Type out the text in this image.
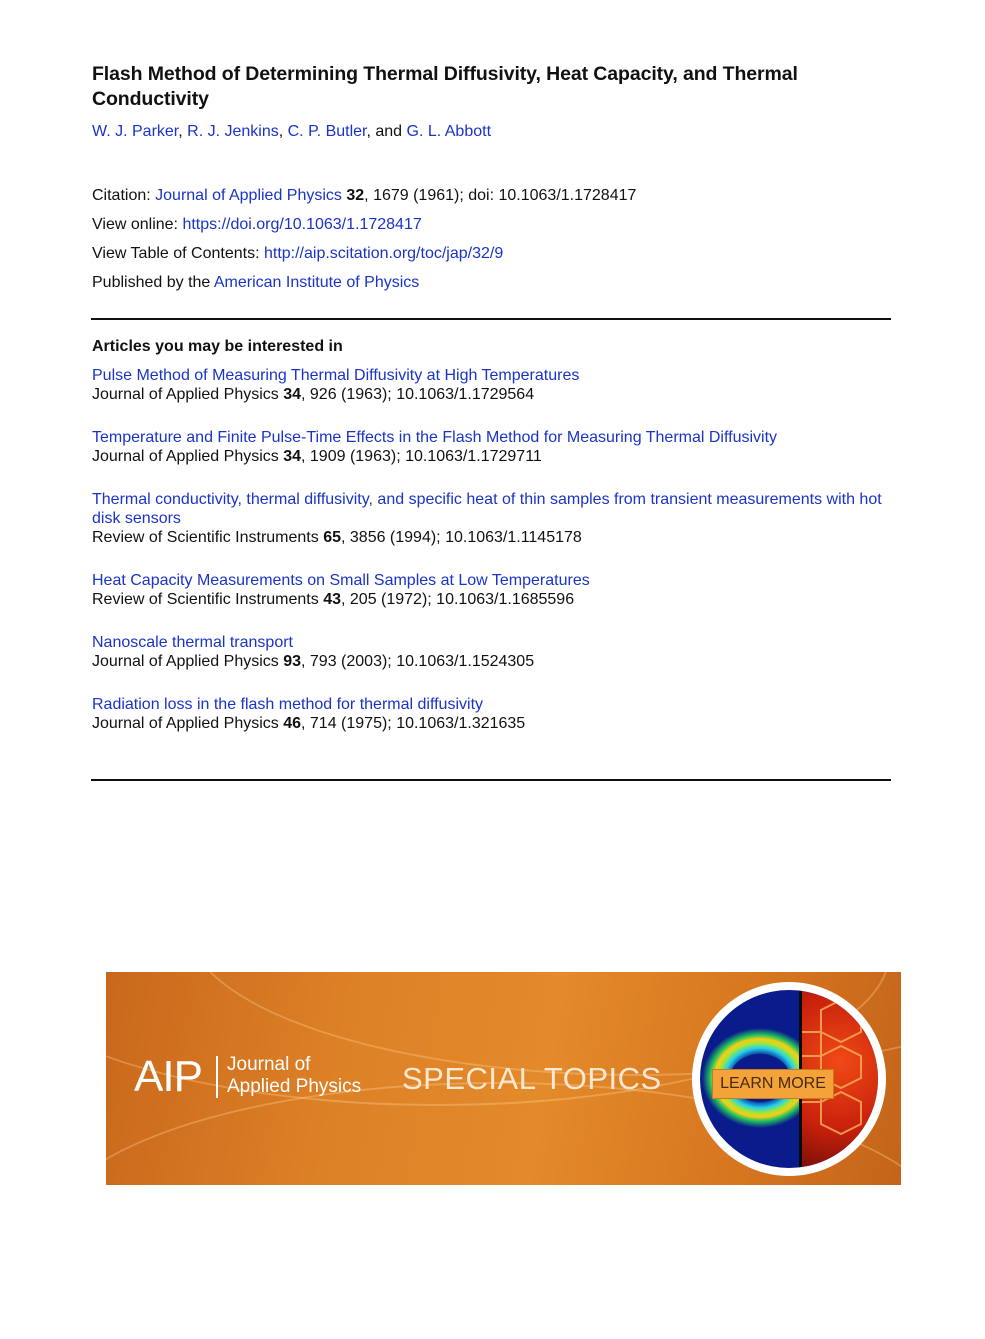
Flash Method of Determining Thermal Diffusivity, Heat Capacity, and Thermal Conductivity
W. J. Parker, R. J. Jenkins, C. P. Butler, and G. L. Abbott
Citation: Journal of Applied Physics 32, 1679 (1961); doi: 10.1063/1.1728417
View online: https://doi.org/10.1063/1.1728417
View Table of Contents: http://aip.scitation.org/toc/jap/32/9
Published by the American Institute of Physics
Articles you may be interested in
Pulse Method of Measuring Thermal Diffusivity at High Temperatures
Journal of Applied Physics 34, 926 (1963); 10.1063/1.1729564
Temperature and Finite Pulse-Time Effects in the Flash Method for Measuring Thermal Diffusivity
Journal of Applied Physics 34, 1909 (1963); 10.1063/1.1729711
Thermal conductivity, thermal diffusivity, and specific heat of thin samples from transient measurements with hot disk sensors
Review of Scientific Instruments 65, 3856 (1994); 10.1063/1.1145178
Heat Capacity Measurements on Small Samples at Low Temperatures
Review of Scientific Instruments 43, 205 (1972); 10.1063/1.1685596
Nanoscale thermal transport
Journal of Applied Physics 93, 793 (2003); 10.1063/1.1524305
Radiation loss in the flash method for thermal diffusivity
Journal of Applied Physics 46, 714 (1975); 10.1063/1.321635
AIP Journal of
Applied Physics SPECIAL TOPICS	LEARN MORE
